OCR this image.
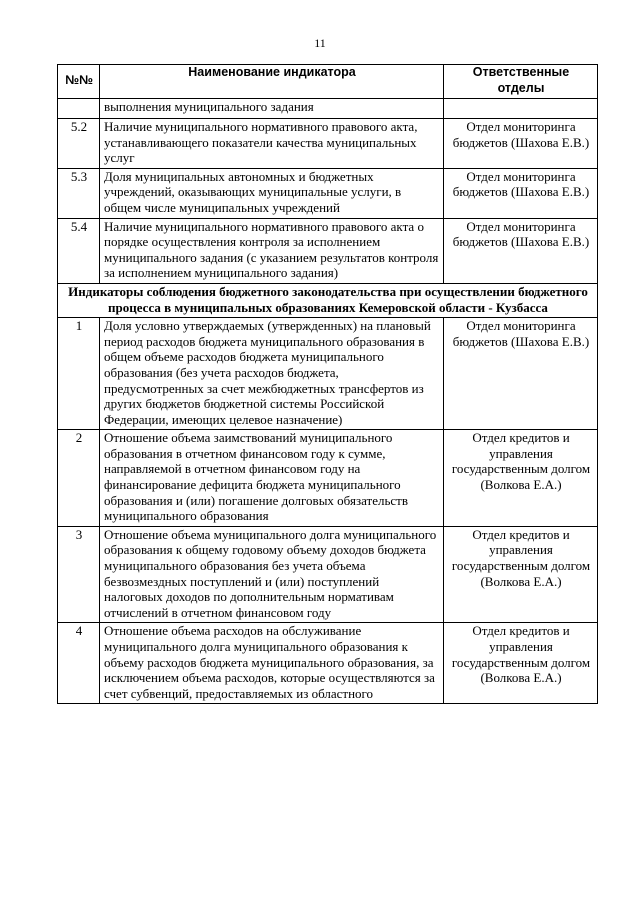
11
№№	Наименование индикатора	Ответственные
отделы
	выполнения муниципального задания	
5.2	Наличие муниципального нормативного правового акта, устанавливающего показатели качества муниципальных услуг	Отдел мониторинга бюджетов (Шахова Е.В.)
5.3	Доля муниципальных автономных и бюджетных учреждений, оказывающих муниципальные услуги, в общем числе муниципальных учреждений	Отдел мониторинга бюджетов (Шахова Е.В.)
5.4	Наличие муниципального нормативного правового акта о порядке осуществления контроля за исполнением муниципального задания (с указанием результатов контроля за исполнением муниципального задания)	Отдел мониторинга бюджетов (Шахова Е.В.)
Индикаторы соблюдения бюджетного законодательства при осуществлении бюджетного процесса в муниципальных образованиях Кемеровской области - Кузбасса		
1	Доля условно утверждаемых (утвержденных) на плановый период расходов бюджета муниципального образования в общем объеме расходов бюджета муниципального образования (без учета расходов бюджета, предусмотренных за счет межбюджетных трансфертов из других бюджетов бюджетной системы Российской Федерации, имеющих целевое назначение)	Отдел мониторинга бюджетов (Шахова Е.В.)
2	Отношение объема заимствований муниципального образования в отчетном финансовом году к сумме, направляемой в отчетном финансовом году на финансирование дефицита бюджета муниципального образования и (или) погашение долговых обязательств муниципального образования	Отдел кредитов и управления государственным долгом (Волкова Е.А.)
3	Отношение объема муниципального долга муниципального образования к общему годовому объему доходов бюджета муниципального образования без учета объема безвозмездных поступлений и (или) поступлений налоговых доходов по дополнительным нормативам отчислений в отчетном финансовом году	Отдел кредитов и управления государственным долгом (Волкова Е.А.)
4	Отношение объема расходов на обслуживание муниципального долга муниципального образования к объему расходов бюджета муниципального образования, за исключением объема расходов, которые осуществляются за счет субвенций, предоставляемых из областного	Отдел кредитов и управления государственным долгом (Волкова Е.А.)
